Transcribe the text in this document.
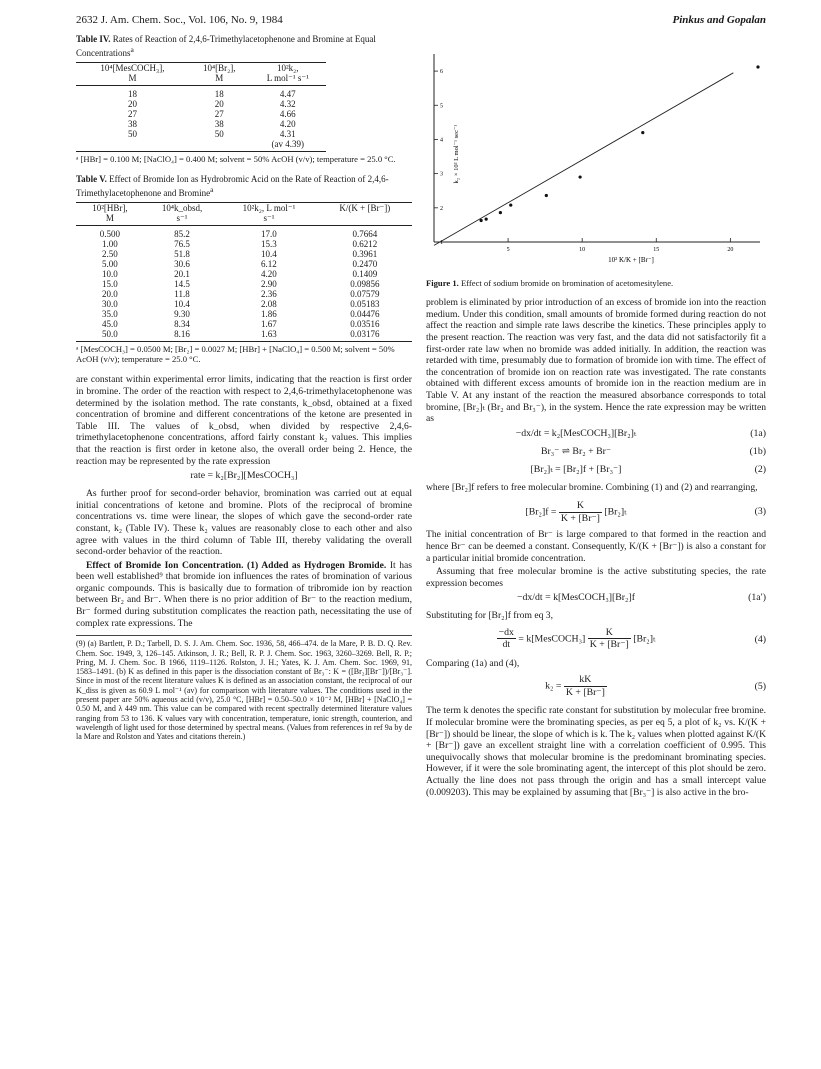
2632 J. Am. Chem. Soc., Vol. 106, No. 9, 1984	Pinkus and Gopalan
Table IV. Rates of Reaction of 2,4,6-Trimethylacetophenone and Bromine at Equal Concentrations$^a$
10⁴[MesCOCH₃],	10⁴[Br₂],	10²k₂,
M	M	L mol⁻¹ s⁻¹
18	18	4.47
20	20	4.32
27	27	4.66
38	38	4.20
50	50	4.31
		(av 4.39)
ᵃ [HBr] = 0.100 M; [NaClO₄] = 0.400 M; solvent = 50% AcOH (v/v); temperature = 25.0 °C.
Table V. Effect of Bromide Ion as Hydrobromic Acid on the Rate of Reaction of 2,4,6-Trimethylacetophenone and Bromine$^a$
10²[HBr],	10⁴k_obsd,	10²k₂, L mol⁻¹	K/(K + [Br⁻])
M	s⁻¹	s⁻¹	
0.500	85.2	17.0	0.7664
1.00	76.5	15.3	0.6212
2.50	51.8	10.4	0.3961
5.00	30.6	6.12	0.2470
10.0	20.1	4.20	0.1409
15.0	14.5	2.90	0.09856
20.0	11.8	2.36	0.07579
30.0	10.4	2.08	0.05183
35.0	9.30	1.86	0.04476
45.0	8.34	1.67	0.03516
50.0	8.16	1.63	0.03176
ᵃ [MesCOCH₃] = 0.0500 M; [Br₂] = 0.0027 M; [HBr] + [NaClO₄] = 0.500 M; solvent = 50% AcOH (v/v); temperature = 25.0 °C.

are constant within experimental error limits, indicating that the reaction is first order in bromine. The order of the reaction with respect to 2,4,6-trimethylacetophenone was determined by the isolation method. The rate constants, k_obsd, obtained at a fixed concentration of bromine and different concentrations of the ketone are presented in Table III. The values of k_obsd, when divided by respective 2,4,6-trimethylacetophenone concentrations, afford fairly constant k₂ values. This implies that the reaction is first order in ketone also, the overall order being 2. Hence, the reaction may be represented by the rate expression

rate = k₂[Br₂][MesCOCH₃]

As further proof for second-order behavior, bromination was carried out at equal initial concentrations of ketone and bromine. Plots of the reciprocal of bromine concentrations vs. time were linear, the slopes of which gave the second-order rate constant, k₂ (Table IV). These k₂ values are reasonably close to each other and also agree with values in the third column of Table III, thereby validating the overall second-order behavior of the reaction.

Effect of Bromide Ion Concentration. (1) Added as Hydrogen Bromide. It has been well established⁹ that bromide ion influences the rates of bromination of various organic compounds. This is basically due to formation of tribromide ion by reaction between Br₂ and Br⁻. When there is no prior addition of Br⁻ to the reaction medium, Br⁻ formed during substitution complicates the reaction path, necessitating the use of complex rate expressions. The

(9) (a) Bartlett, P. D.; Tarbell, D. S. J. Am. Chem. Soc. 1936, 58, 466–474. de la Mare, P. B. D. Q. Rev. Chem. Soc. 1949, 3, 126–145. Atkinson, J. R.; Bell, R. P. J. Chem. Soc. 1963, 3260–3269. Bell, R. P.; Pring, M. J. Chem. Soc. B 1966, 1119–1126. Rolston, J. H.; Yates, K. J. Am. Chem. Soc. 1969, 91, 1583–1491. (b) K as defined in this paper is the dissociation constant of Br₃⁻: K = ([Br₂][Br⁻])/[Br₃⁻]. Since in most of the recent literature values K is defined as an association constant, the reciprocal of our K_diss is given as 60.9 L mol⁻¹ (av) for comparison with literature values. The conditions used in the present paper are 50% aqueous acid (v/v), 25.0 °C, [HBr] = 0.50–50.0 × 10⁻² M, [HBr] + [NaClO₄] = 0.50 M, and λ 449 nm. This value can be compared with recent spectrally determined literature values ranging from 53 to 136. K values vary with concentration, temperature, ionic strength, counterion, and wavelength of light used for those determined by spectral means. (Values from references in ref 9a by de la Mare and Rolston and Yates and citations therein.)
1
2
3
4
5
6
5	10	15	20
k₂ × 10² L mol⁻¹ sec⁻¹
10² K/K + [Br⁻]
Figure 1. Effect of sodium bromide on bromination of acetomesitylene.

problem is eliminated by prior introduction of an excess of bromide ion into the reaction medium. Under this condition, small amounts of bromide formed during reaction do not affect the reaction and simple rate laws describe the kinetics. These principles apply to the present reaction. The reaction was very fast, and the data did not satisfactorily fit a first-order rate law when no bromide was added initially. In addition, the reaction was retarded with time, presumably due to formation of bromide ion with time. The effect of the concentration of bromide ion on reaction rate was investigated. The rate constants obtained with different excess amounts of bromide ion in the reaction medium are in Table V. At any instant of the reaction the measured absorbance corresponds to total bromine, [Br₂]ₜ (Br₂ and Br₃⁻), in the system. Hence the rate expression may be written as

−dx/dt = k₂[MesCOCH₃][Br₂]ₜ	(1a)
Br₃⁻ ⇌ Br₂ + Br⁻	(1b)
[Br₂]ₜ = [Br₂]f + [Br₃⁻]	(2)

where [Br₂]f refers to free molecular bromine. Combining (1) and (2) and rearranging,

$[Br_2]f = \frac{K}{K + [Br^-]} [Br_2]_t$	(3)

The initial concentration of Br⁻ is large compared to that formed in the reaction and hence Br⁻ can be deemed a constant. Consequently, K/(K + [Br⁻]) is also a constant for a particular initial bromide concentration.

Assuming that free molecular bromine is the active substituting species, the rate expression becomes

−dx/dt = k[MesCOCH₃][Br₂]f	(1a′)

Substituting for [Br₂]f from eq 3,

$\frac{-dx}{dt}$ = k[MesCOCH₃] $\frac{K}{K + [Br^-]} [Br_2]_t$	(4)

Comparing (1a) and (4),

$k_2 = \frac{kK}{K + [Br^-]}$	(5)

The term k denotes the specific rate constant for substitution by molecular free bromine. If molecular bromine were the brominating species, as per eq 5, a plot of k₂ vs. K/(K + [Br⁻]) should be linear, the slope of which is k. The k₂ values when plotted against K/(K + [Br⁻]) gave an excellent straight line with a correlation coefficient of 0.995. This unequivocally shows that molecular bromine is the predominant brominating species. However, if it were the sole brominating agent, the intercept of this plot should be zero. Actually the line does not pass through the origin and has a small intercept value (0.009203). This may be explained by assuming that [Br₃⁻] is also active in the bro-
